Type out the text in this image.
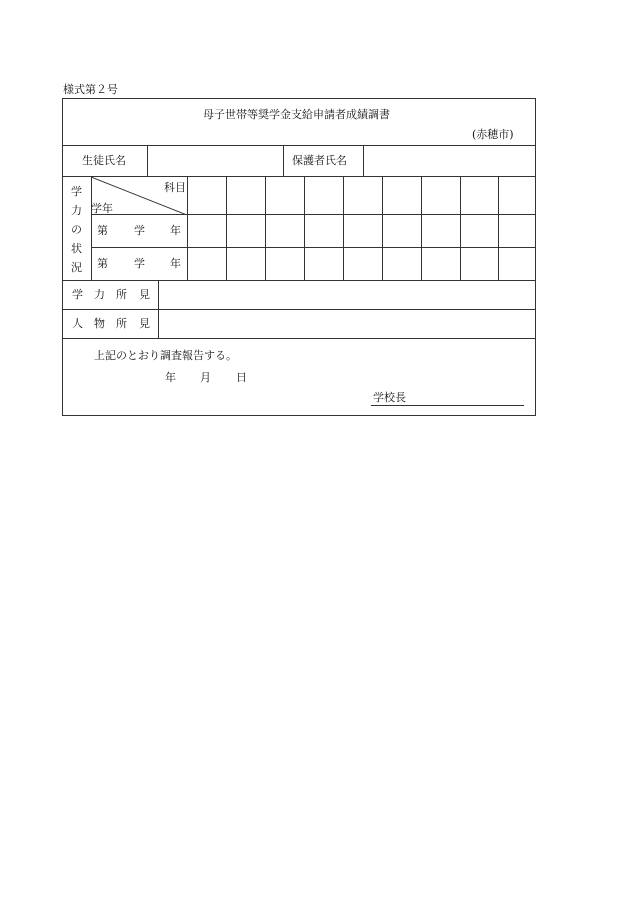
様式第２号
母子世帯等奨学金支給申請者成績調書
(赤穂市)
生徒氏名	保護者氏名
学
力
の
状
況
科目
学年
第 学 年
第 学 年
学 力 所 見
人 物 所 見
上記のとおり調査報告する。
年 月 日
学校長
